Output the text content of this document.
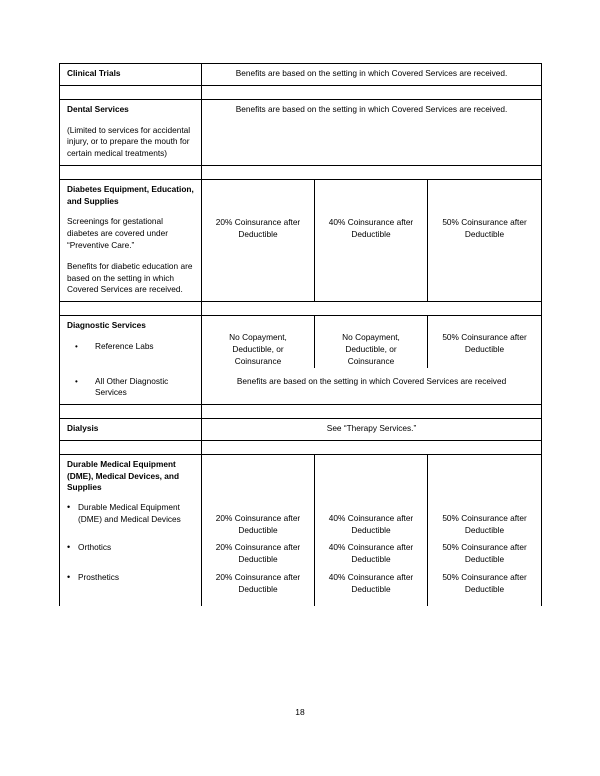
Clinical Trials	Benefits are based on the setting in which Covered Services are received.		

Dental Services
(Limited to services for accidental injury, or to prepare the mouth for certain medical treatments)	Benefits are based on the setting in which Covered Services are received.		

Diabetes Equipment, Education, and Supplies
Screenings for gestational diabetes are covered under “Preventive Care.”
Benefits for diabetic education are based on the setting in which Covered Services are received.	20% Coinsurance after Deductible	40% Coinsurance after Deductible	50% Coinsurance after Deductible

Diagnostic Services
• Reference Labs	No Copayment, Deductible, or Coinsurance	No Copayment, Deductible, or Coinsurance	50% Coinsurance after Deductible

• All Other Diagnostic Services	Benefits are based on the setting in which Covered Services are received		

Dialysis	See “Therapy Services.”		

Durable Medical Equipment (DME), Medical Devices, and Supplies
• Durable Medical Equipment (DME) and Medical Devices	20% Coinsurance after Deductible	40% Coinsurance after Deductible	50% Coinsurance after Deductible

• Orthotics	20% Coinsurance after Deductible	40% Coinsurance after Deductible	50% Coinsurance after Deductible

• Prosthetics	20% Coinsurance after Deductible	40% Coinsurance after Deductible	50% Coinsurance after Deductible
18
